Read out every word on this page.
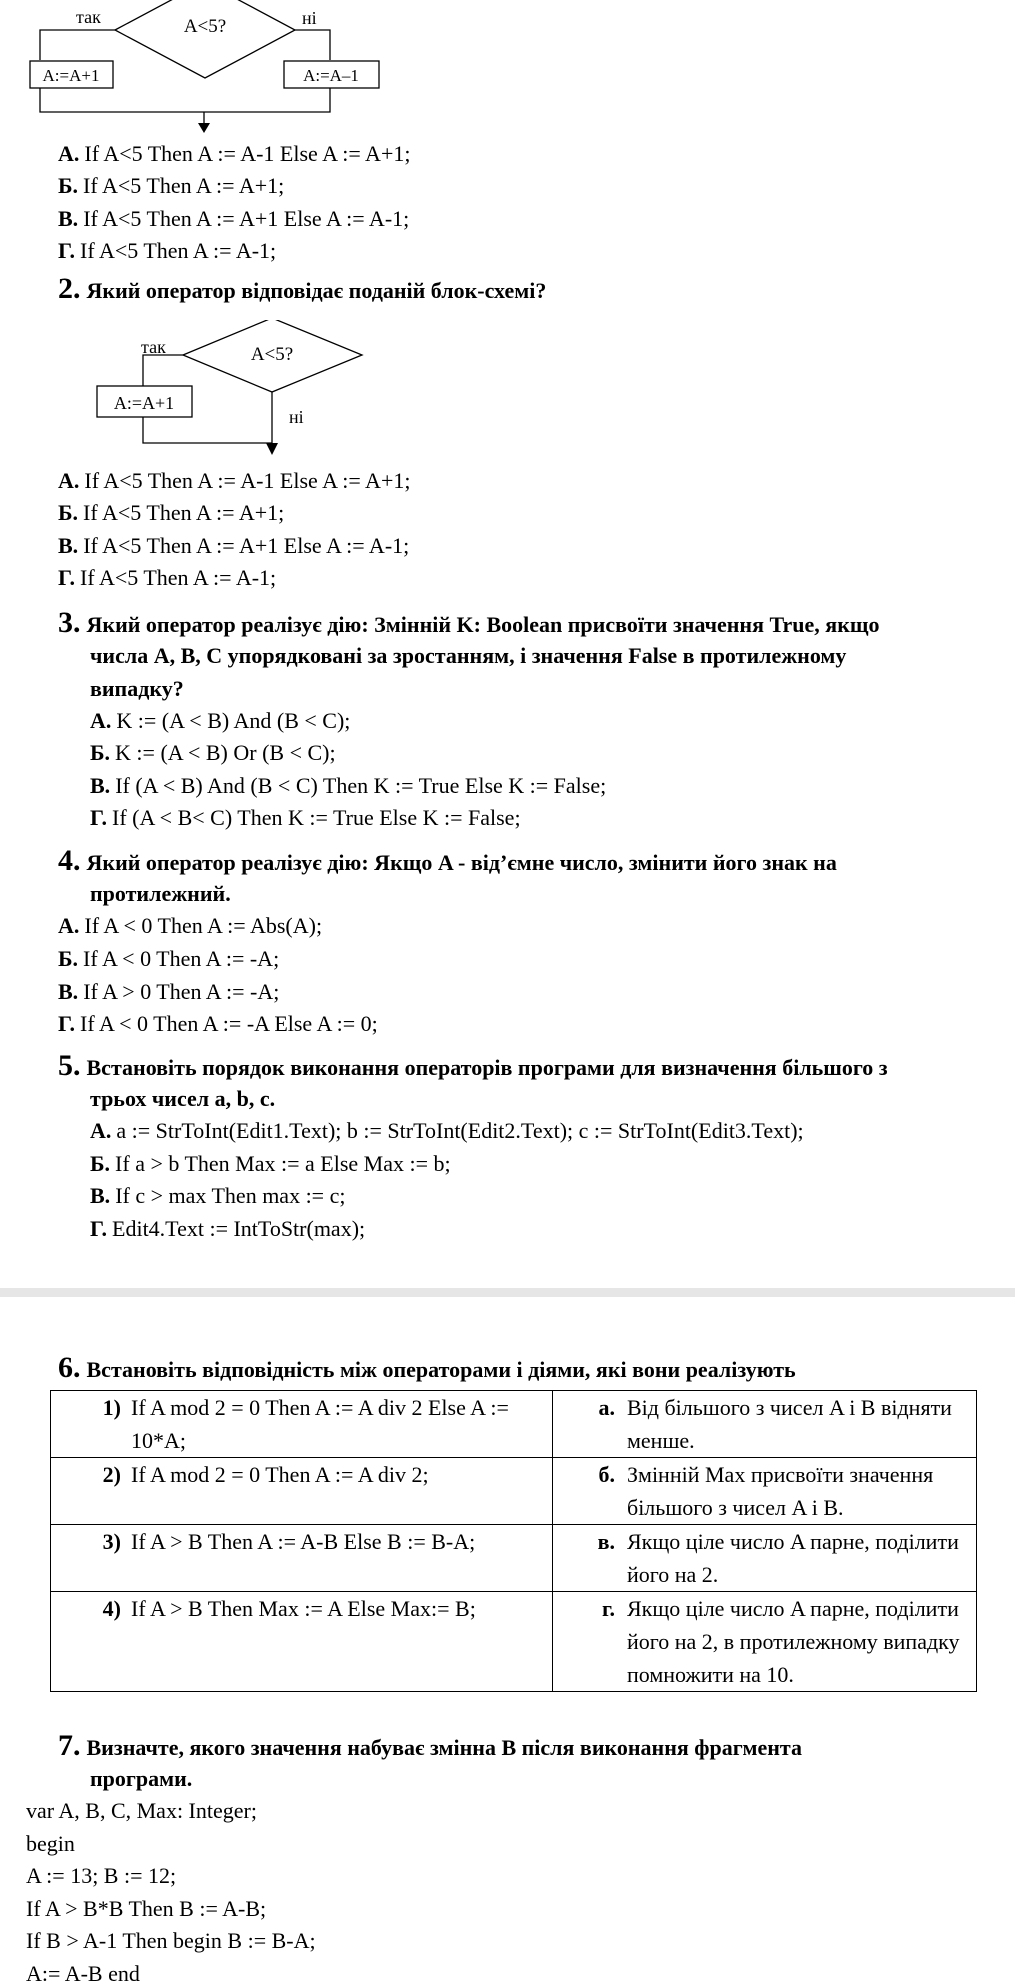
A<5?
так	ні
A:=A+1	A:=A–1
А. If A<5 Then A := A-1 Else A := A+1;
Б. If A<5 Then A := A+1;
В. If A<5 Then A := A+1 Else A := A-1;
Г. If A<5 Then A := A-1;
2. Який оператор відповідає поданій блок-схемі?
A<5?
так
A:=A+1
ні
А. If A<5 Then A := A-1 Else A := A+1;
Б. If A<5 Then A := A+1;
В. If A<5 Then A := A+1 Else A := A-1;
Г. If A<5 Then A := A-1;
3. Який оператор реалізує дію: Змінній K: Boolean присвоїти значення True, якщо
числа A, B, C упорядковані за зростанням, і значення False в протилежному
випадку?
А. K := (A < B) And (B < C);
Б. K := (A < B) Or (B < C);
В. If (A < B) And (B < C) Then K := True Else K := False;
Г. If (A < B< C) Then K := True Else K := False;
4. Який оператор реалізує дію: Якщо A - від’ємне число, змінити його знак на
протилежний.
А. If A < 0 Then A := Abs(A);
Б. If A < 0 Then A := -A;
В. If A > 0 Then A := -A;
Г. If A < 0 Then A := -A Else A := 0;
5. Встановіть порядок виконання операторів програми для визначення більшого з
трьох чисел a, b, c.
А. a := StrToInt(Edit1.Text); b := StrToInt(Edit2.Text); c := StrToInt(Edit3.Text);
Б. If a > b Then Max := a Else Max := b;
В. If c > max Then max := c;
Г. Edit4.Text := IntToStr(max);
6. Встановіть відповідність між операторами і діями, які вони реалізують
1) If A mod 2 = 0 Then A := A div 2 Else A := 10*A;	а. Від більшого з чисел A і B відняти менше.

2) If A mod 2 = 0 Then A := A div 2;	б. Змінній Max присвоїти значення більшого з чисел A і B.

3) If A > B Then A := A-B Else B := B-A;	в. Якщо ціле число A парне, поділити його на 2.

4) If A > B Then Max := A Else Max:= B;	г. Якщо ціле число A парне, поділити його на 2, в протилежному випадку помножити на 10.
7. Визначте, якого значення набуває змінна B після виконання фрагмента
програми.
var A, B, C, Max: Integer;
begin
A := 13; B := 12;
If A > B*B Then B := A-B;
If B > A-1 Then begin B := B-A;
A:= A-B end
